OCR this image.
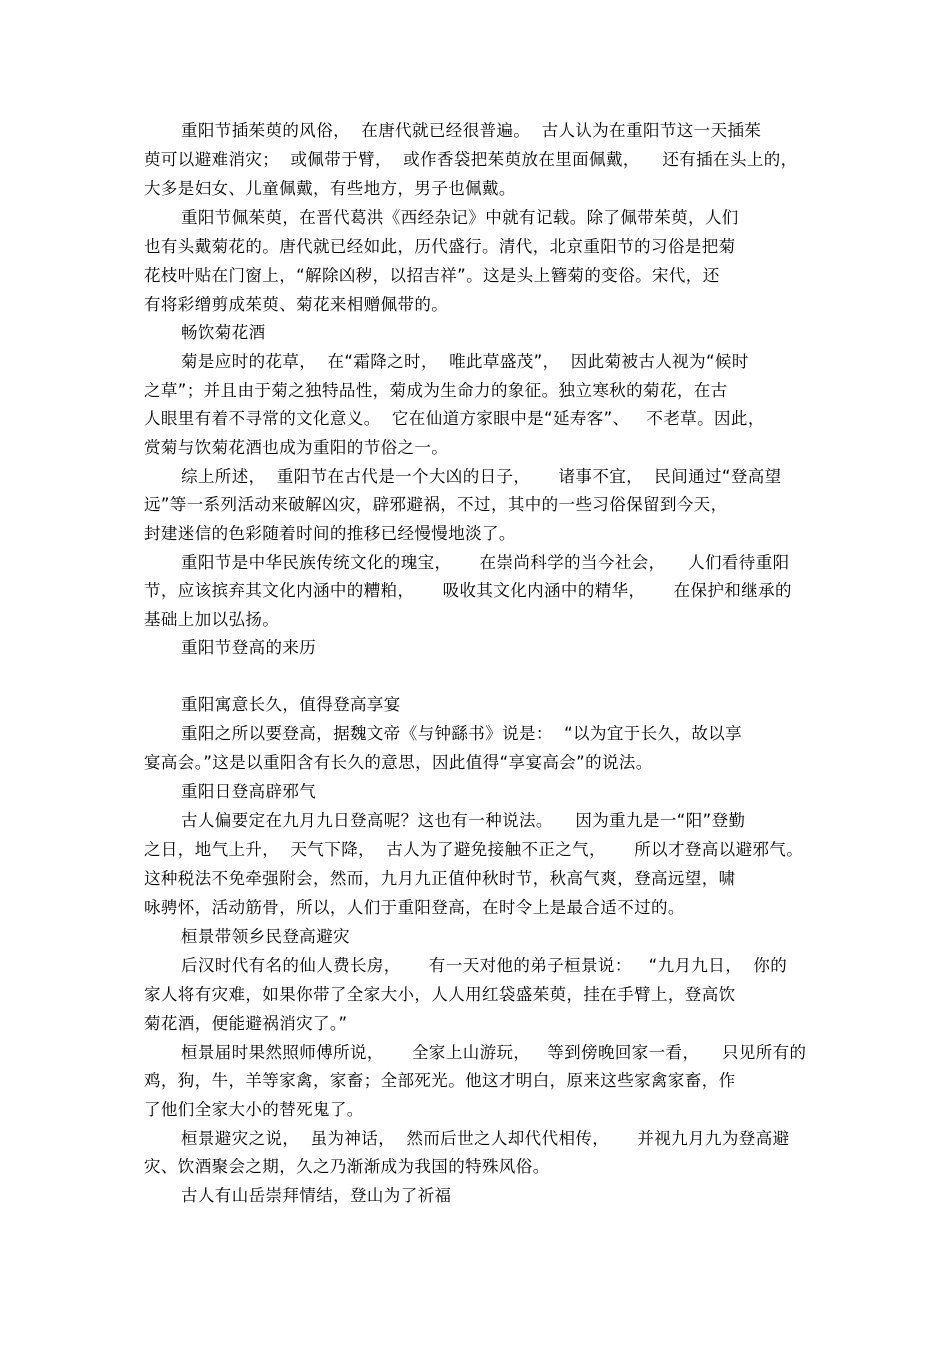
重阳节插茱萸的风俗，  在唐代就已经很普遍。  古人认为在重阳节这一天插茱
萸可以避难消灾；  或佩带于臂，  或作香袋把茱萸放在里面佩戴，    还有插在头上的，
大多是妇女、儿童佩戴，有些地方，男子也佩戴。
重阳节佩茱萸，在晋代葛洪《西经杂记》中就有记载。除了佩带茱萸，人们
也有头戴菊花的。唐代就已经如此，历代盛行。清代，北京重阳节的习俗是把菊
花枝叶贴在门窗上，“解除凶秽，以招吉祥”。这是头上簪菊的变俗。宋代，还
有将彩缯剪成茱萸、菊花来相赠佩带的。
畅饮菊花酒
菊是应时的花草，  在“霜降之时，  唯此草盛茂”，  因此菊被古人视为“候时
之草”；并且由于菊之独特品性，菊成为生命力的象征。独立寒秋的菊花，在古
人眼里有着不寻常的文化意义。  它在仙道方家眼中是“延寿客”、   不老草。因此，
赏菊与饮菊花酒也成为重阳的节俗之一。
综上所述，  重阳节在古代是一个大凶的日子，     诸事不宜，  民间通过“登高望
远”等一系列活动来破解凶灾，辟邪避祸，不过，其中的一些习俗保留到今天，
封建迷信的色彩随着时间的推移已经慢慢地淡了。
重阳节是中华民族传统文化的瑰宝，     在崇尚科学的当今社会，    人们看待重阳
节，应该摈弃其文化内涵中的糟粕，     吸收其文化内涵中的精华，     在保护和继承的
基础上加以弘扬。
重阳节登高的来历
重阳寓意长久，值得登高享宴
重阳之所以要登高，据魏文帝《与钟繇书》说是：  “以为宜于长久，故以享
宴高会。”这是以重阳含有长久的意思，因此值得“享宴高会”的说法。
重阳日登高辟邪气
古人偏要定在九月九日登高呢？这也有一种说法。    因为重九是一“阳”登勤
之日，地气上升，  天气下降，  古人为了避免接触不正之气，     所以才登高以避邪气。
这种税法不免牵强附会，然而，九月九正值仲秋时节，秋高气爽，登高远望，啸
咏骋怀，活动筋骨，所以，人们于重阳登高，在时令上是最合适不过的。
桓景带领乡民登高避灾
后汉时代有名的仙人费长房，     有一天对他的弟子桓景说：   “九月九日，  你的
家人将有灾难，如果你带了全家大小，人人用红袋盛茱萸，挂在手臂上，登高饮
菊花酒，便能避祸消灾了。”
桓景届时果然照师傅所说，     全家上山游玩，   等到傍晚回家一看，    只见所有的
鸡，狗，牛，羊等家禽，家畜；全部死光。他这才明白，原来这些家禽家畜，作
了他们全家大小的替死鬼了。
桓景避灾之说，  虽为神话，  然而后世之人却代代相传，     并视九月九为登高避
灾、饮酒聚会之期，久之乃渐渐成为我国的特殊风俗。
古人有山岳崇拜情结，登山为了祈福
